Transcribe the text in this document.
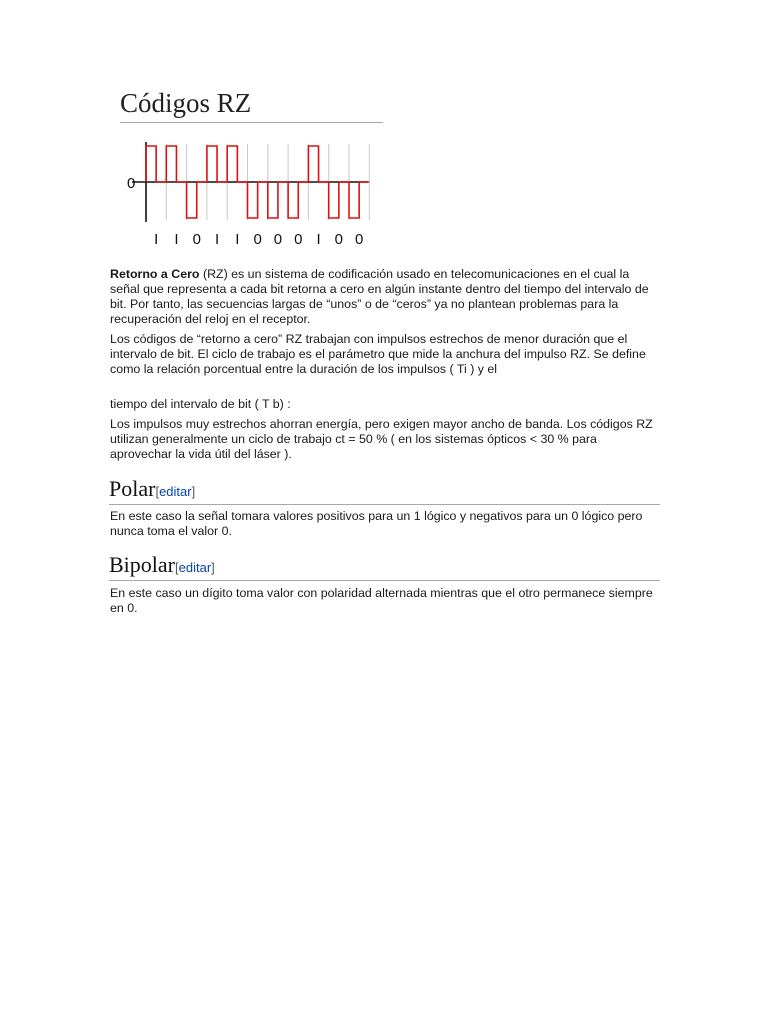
Códigos RZ
0
I I 0 I I 0 0 0 I 0 0

Retorno a Cero (RZ) es un sistema de codificación usado en telecomunicaciones en el cual la señal que representa a cada bit retorna a cero en algún instante dentro del tiempo del intervalo de bit. Por tanto, las secuencias largas de “unos” o de “ceros” ya no plantean problemas para la recuperación del reloj en el receptor.

Los códigos de “retorno a cero” RZ trabajan con impulsos estrechos de menor duración que el intervalo de bit. El ciclo de trabajo es el parámetro que mide la anchura del impulso RZ. Se define como la relación porcentual entre la duración de los impulsos ( Ti ) y el

tiempo del intervalo de bit ( T b) :

Los impulsos muy estrechos ahorran energía, pero exigen mayor ancho de banda. Los códigos RZ utilizan generalmente un ciclo de trabajo ct = 50 % ( en los sistemas ópticos < 30 % para aprovechar la vida útil del láser ).

Polar[editar]

En este caso la señal tomara valores positivos para un 1 lógico y negativos para un 0 lógico pero nunca toma el valor 0.

Bipolar[editar]

En este caso un dígito toma valor con polaridad alternada mientras que el otro permanece siempre en 0.
